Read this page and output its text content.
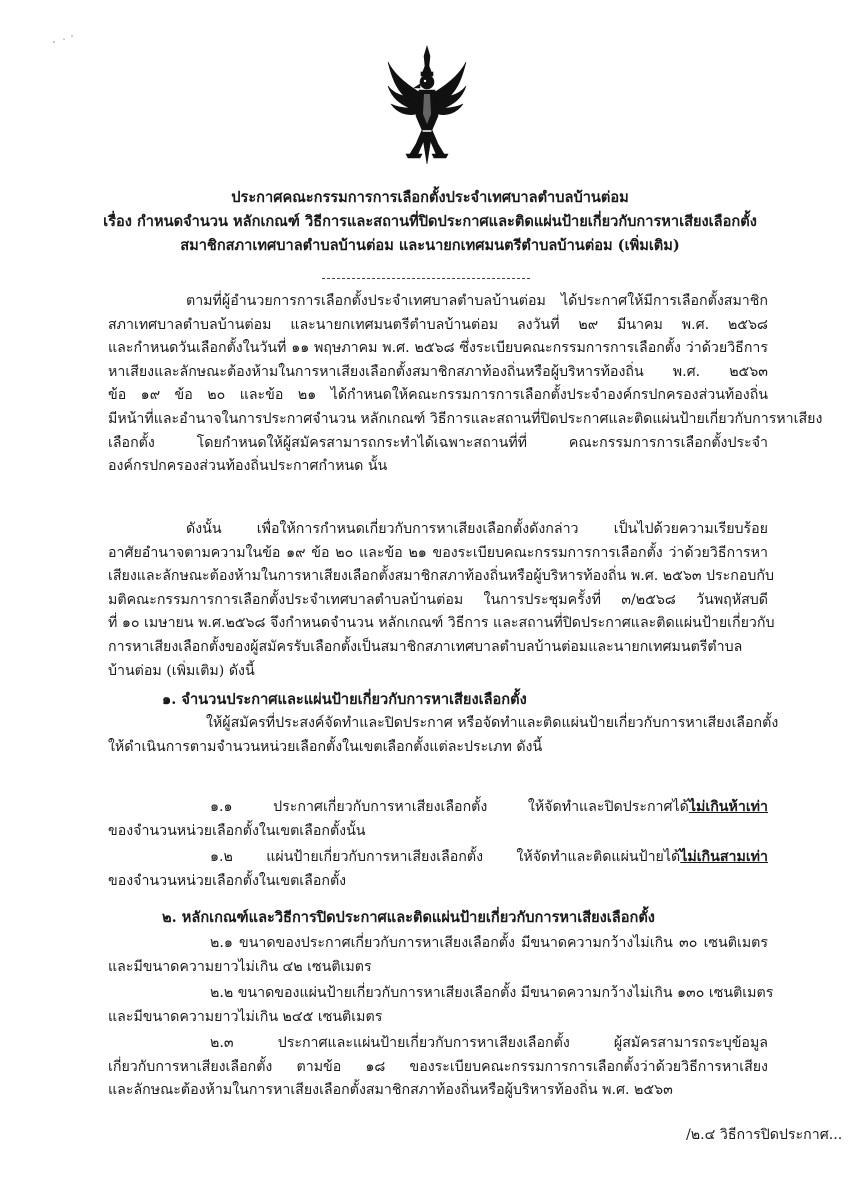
ประกาศคณะกรรมการการเลือกตั้งประจำเทศบาลตำบลบ้านต่อม
เรื่อง กำหนดจำนวน หลักเกณฑ์ วิธีการและสถานที่ปิดประกาศและติดแผ่นป้ายเกี่ยวกับการหาเสียงเลือกตั้ง
สมาชิกสภาเทศบาลตำบลบ้านต่อม และนายกเทศมนตรีตำบลบ้านต่อม (เพิ่มเติม)
ตามที่ผู้อำนวยการการเลือกตั้งประจำเทศบาลตำบลบ้านต่อม ได้ประกาศให้มีการเลือกตั้งสมาชิก
สภาเทศบาลตำบลบ้านต่อม และนายกเทศมนตรีตำบลบ้านต่อม ลงวันที่ ๒๙ มีนาคม พ.ศ. ๒๕๖๘
และกำหนดวันเลือกตั้งในวันที่ ๑๑ พฤษภาคม พ.ศ. ๒๕๖๘ ซึ่งระเบียบคณะกรรมการการเลือกตั้ง ว่าด้วยวิธีการ
หาเสียงและลักษณะต้องห้ามในการหาเสียงเลือกตั้งสมาชิกสภาท้องถิ่นหรือผู้บริหารท้องถิ่น พ.ศ. ๒๕๖๓
ข้อ ๑๙ ข้อ ๒๐ และข้อ ๒๑ ได้กำหนดให้คณะกรรมการการเลือกตั้งประจำองค์กรปกครองส่วนท้องถิ่น
มีหน้าที่และอำนาจในการประกาศจำนวน หลักเกณฑ์ วิธีการและสถานที่ปิดประกาศและติดแผ่นป้ายเกี่ยวกับการหาเสียง
เลือกตั้ง โดยกำหนดให้ผู้สมัครสามารถกระทำได้เฉพาะสถานที่ที่ คณะกรรมการการเลือกตั้งประจำ
องค์กรปกครองส่วนท้องถิ่นประกาศกำหนด นั้น
ดังนั้น เพื่อให้การกำหนดเกี่ยวกับการหาเสียงเลือกตั้งดังกล่าว เป็นไปด้วยความเรียบร้อย
อาศัยอำนาจตามความในข้อ ๑๙ ข้อ ๒๐ และข้อ ๒๑ ของระเบียบคณะกรรมการการเลือกตั้ง ว่าด้วยวิธีการหา
เสียงและลักษณะต้องห้ามในการหาเสียงเลือกตั้งสมาชิกสภาท้องถิ่นหรือผู้บริหารท้องถิ่น พ.ศ. ๒๕๖๓ ประกอบกับ
มติคณะกรรมการการเลือกตั้งประจำเทศบาลตำบลบ้านต่อม ในการประชุมครั้งที่ ๓/๒๕๖๘ วันพฤหัสบดี
ที่ ๑๐ เมษายน พ.ศ.๒๕๖๘ จึงกำหนดจำนวน หลักเกณฑ์ วิธีการ และสถานที่ปิดประกาศและติดแผ่นป้ายเกี่ยวกับ
การหาเสียงเลือกตั้งของผู้สมัครรับเลือกตั้งเป็นสมาชิกสภาเทศบาลตำบลบ้านต่อมและนายกเทศมนตรีตำบล
บ้านต่อม (เพิ่มเติม) ดังนี้
๑. จำนวนประกาศและแผ่นป้ายเกี่ยวกับการหาเสียงเลือกตั้ง
ให้ผู้สมัครที่ประสงค์จัดทำและปิดประกาศ หรือจัดทำและติดแผ่นป้ายเกี่ยวกับการหาเสียงเลือกตั้ง
ให้ดำเนินการตามจำนวนหน่วยเลือกตั้งในเขตเลือกตั้งแต่ละประเภท ดังนี้
๑.๑ ประกาศเกี่ยวกับการหาเสียงเลือกตั้ง ให้จัดทำและปิดประกาศได้ไม่เกินห้าเท่า
ของจำนวนหน่วยเลือกตั้งในเขตเลือกตั้งนั้น
๑.๒ แผ่นป้ายเกี่ยวกับการหาเสียงเลือกตั้ง ให้จัดทำและติดแผ่นป้ายได้ไม่เกินสามเท่า
ของจำนวนหน่วยเลือกตั้งในเขตเลือกตั้ง
๒. หลักเกณฑ์และวิธีการปิดประกาศและติดแผ่นป้ายเกี่ยวกับการหาเสียงเลือกตั้ง
๒.๑ ขนาดของประกาศเกี่ยวกับการหาเสียงเลือกตั้ง มีขนาดความกว้างไม่เกิน ๓๐ เซนติเมตร
และมีขนาดความยาวไม่เกิน ๔๒ เซนติเมตร
๒.๒ ขนาดของแผ่นป้ายเกี่ยวกับการหาเสียงเลือกตั้ง มีขนาดความกว้างไม่เกิน ๑๓๐ เซนติเมตร
และมีขนาดความยาวไม่เกิน ๒๔๕ เซนติเมตร
๒.๓ ประกาศและแผ่นป้ายเกี่ยวกับการหาเสียงเลือกตั้ง ผู้สมัครสามารถระบุข้อมูล
เกี่ยวกับการหาเสียงเลือกตั้ง ตามข้อ ๑๘ ของระเบียบคณะกรรมการการเลือกตั้งว่าด้วยวิธีการหาเสียง
และลักษณะต้องห้ามในการหาเสียงเลือกตั้งสมาชิกสภาท้องถิ่นหรือผู้บริหารท้องถิ่น พ.ศ. ๒๕๖๓
/๒.๔ วิธีการปิดประกาศ...
